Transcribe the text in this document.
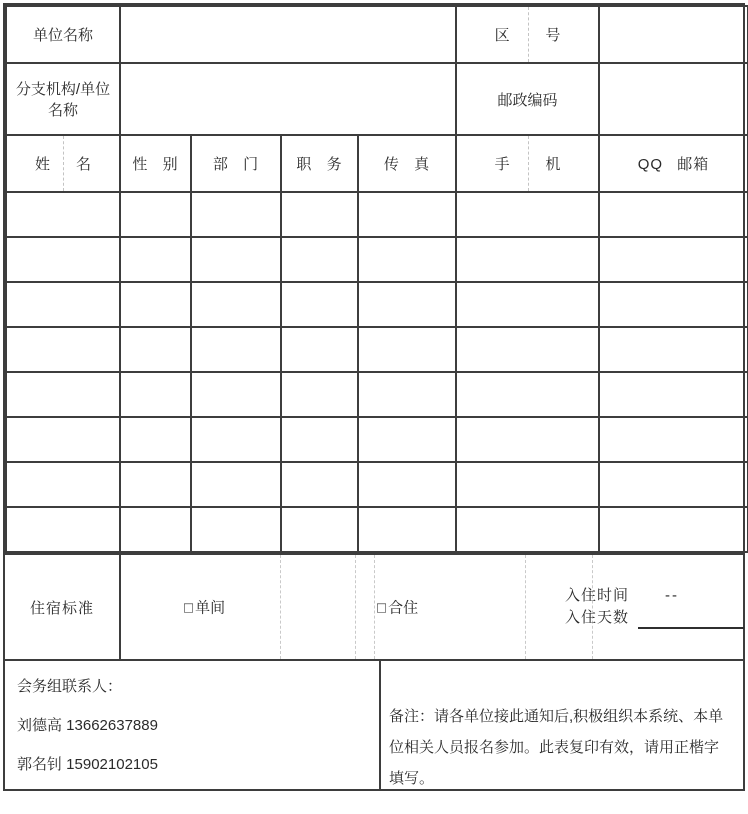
单位名称					区 号	

分支机构/单位名称					邮政编码	

姓 名	性 别	部 门	职 务	传 真	手 机	QQ 邮箱

住宿标准	□ 单间	□ 合住
入住时间 --
入住天数
会务组联系人：
刘德高 13662637889
郭名钊 15902102105
备注：请各单位接此通知后,积极组织本系统、本单位相关人员报名参加。此表复印有效，请用正楷字填写。
